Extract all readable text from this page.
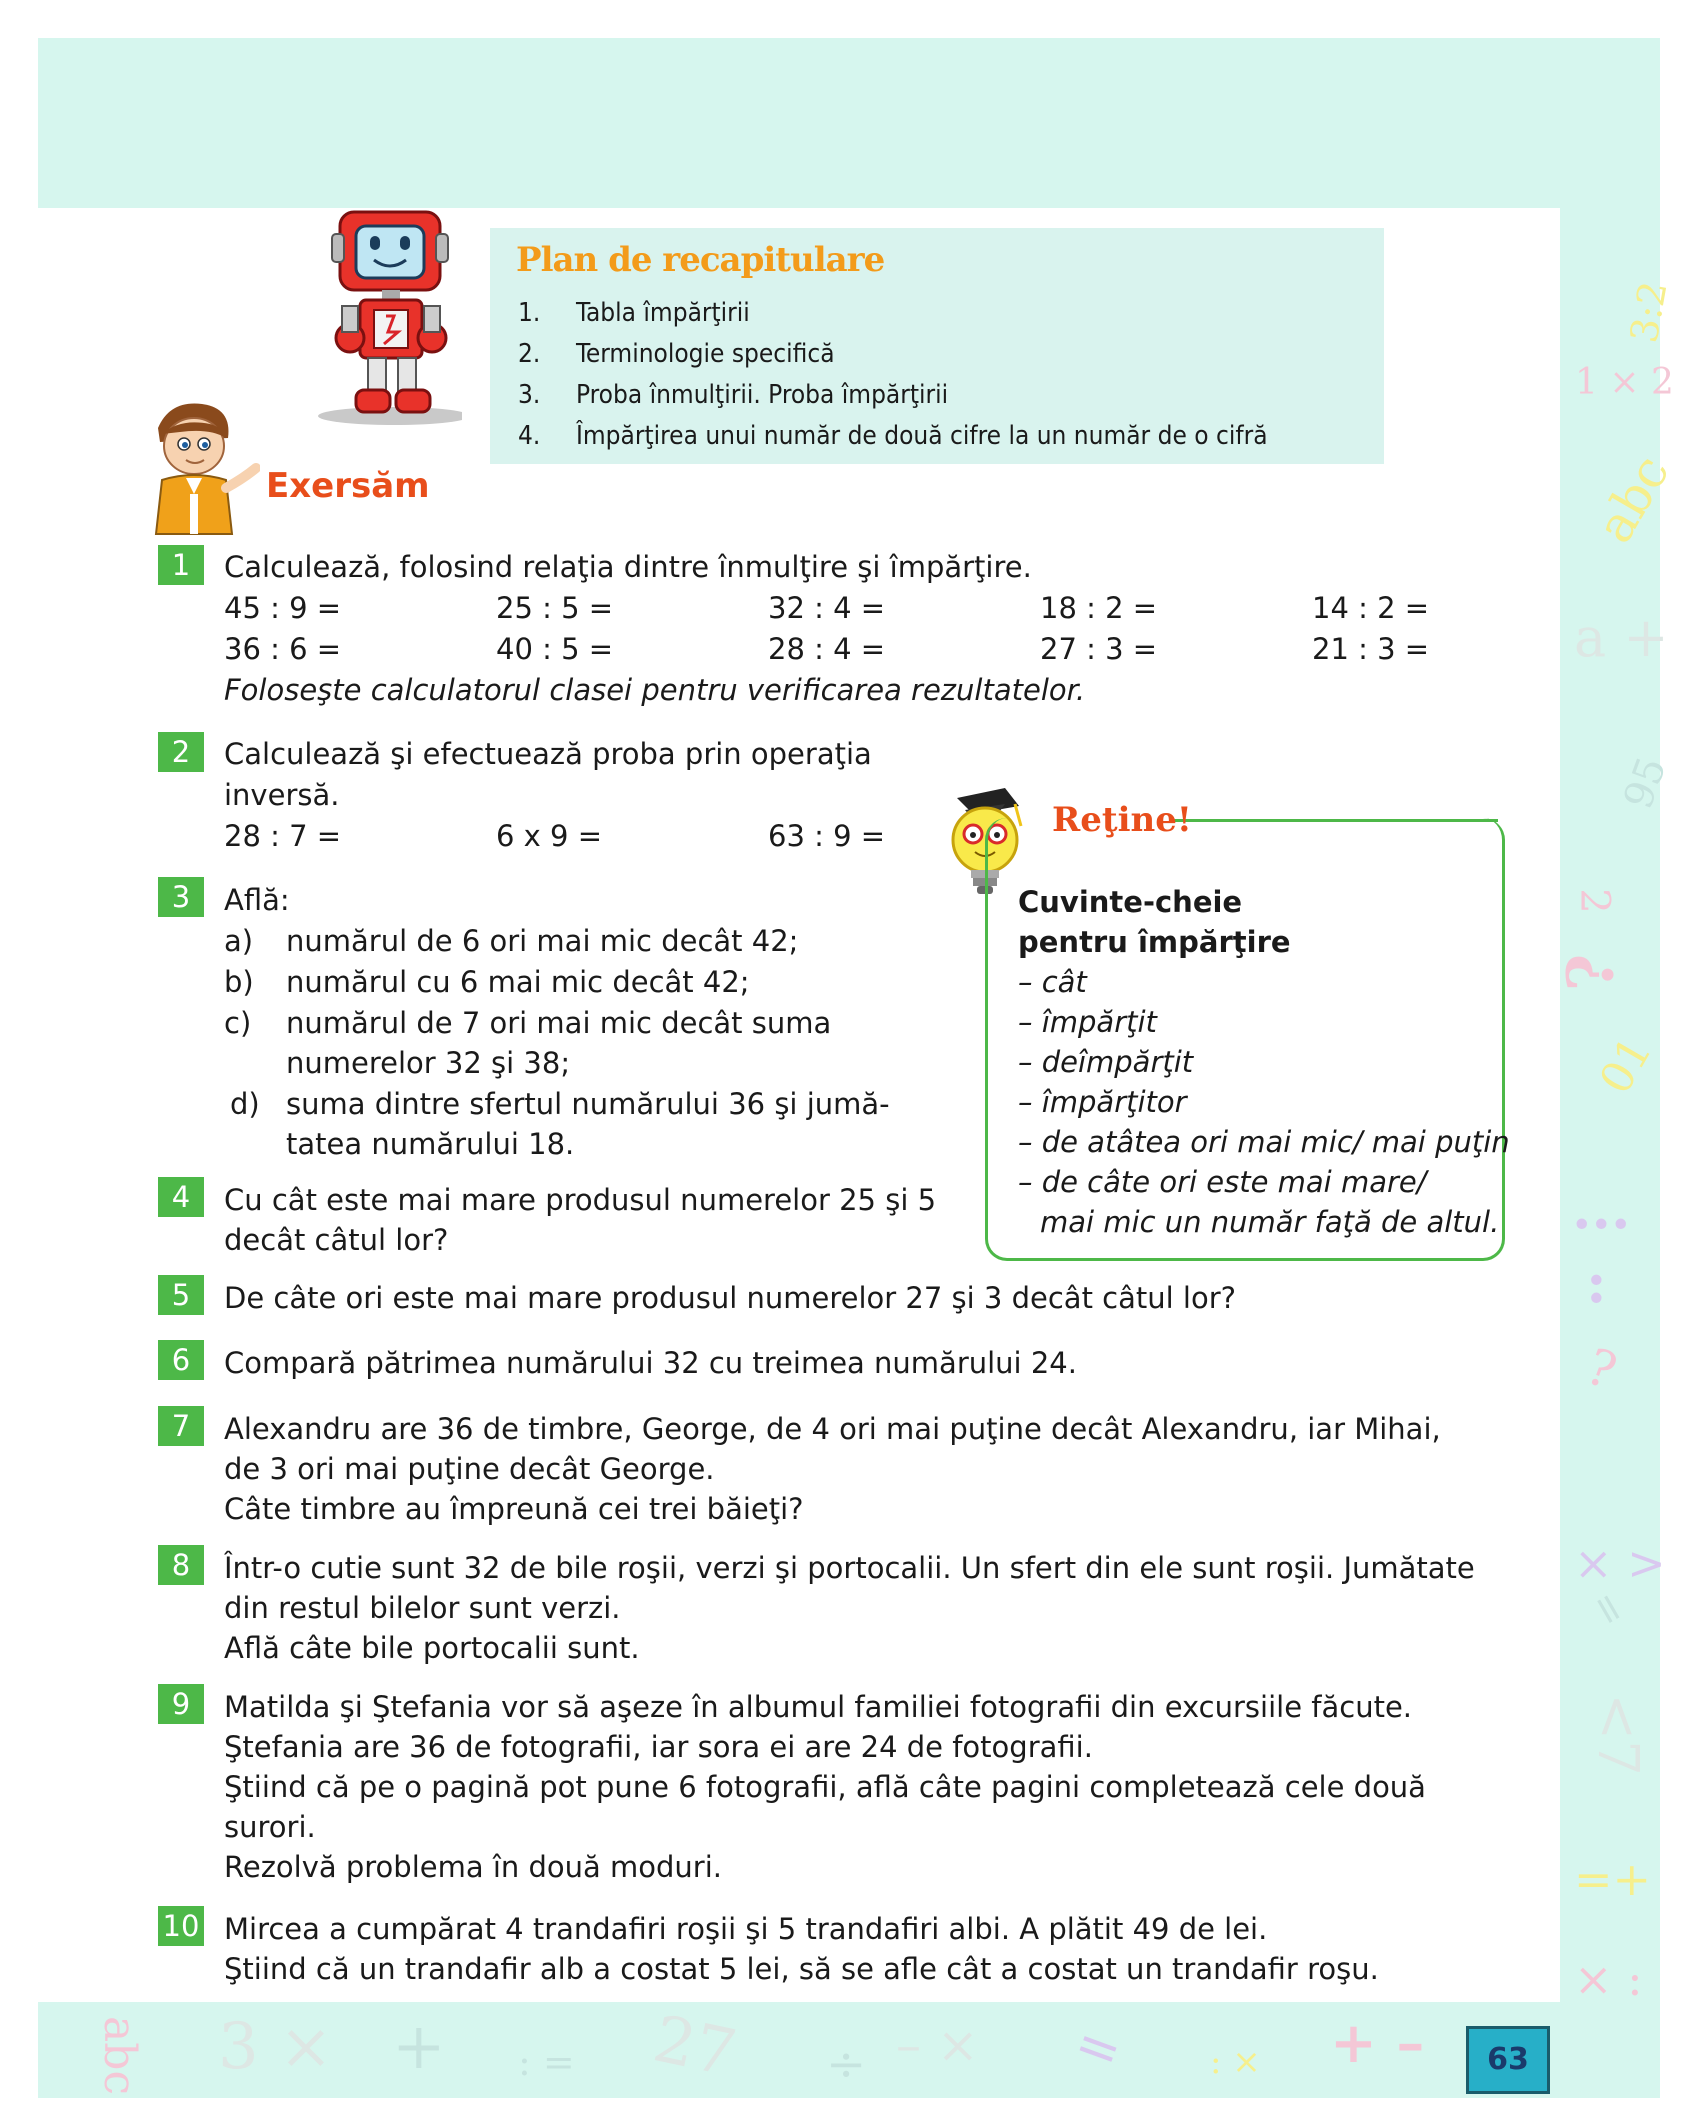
1 × 2
3:2
abc
a +
95
2
?
01
...
:
?
× >
=
<7
=+
× :
abc 3 × + : = 27 ÷ – × = : × + –
Plan de recapitulare
1. Tabla împărţirii
2. Terminologie specifică
3. Proba înmulţirii. Proba împărţirii
4. Împărţirea unui număr de două cifre la un număr de o cifră
Exersăm
1	Calculează, folosind relaţia dintre înmulţire şi împărţire.
45 : 9 =	25 : 5 =	32 : 4 =	18 : 2 =	14 : 2 =
36 : 6 =	40 : 5 =	28 : 4 =	27 : 3 =	21 : 3 =
Foloseşte calculatorul clasei pentru verificarea rezultatelor.
2	Calculează şi efectuează proba prin operaţia
inversă.
28 : 7 =	6 x 9 =	63 : 9 =
3	Află:
a) numărul de 6 ori mai mic decât 42;
b) numărul cu 6 mai mic decât 42;
c) numărul de 7 ori mai mic decât suma
numerelor 32 şi 38;
d) suma dintre sfertul numărului 36 şi jumă-
tatea numărului 18.
4	Cu cât este mai mare produsul numerelor 25 şi 5
decât câtul lor?
5	De câte ori este mai mare produsul numerelor 27 şi 3 decât câtul lor?
6	Compară pătrimea numărului 32 cu treimea numărului 24.
7	Alexandru are 36 de timbre, George, de 4 ori mai puţine decât Alexandru, iar Mihai,
de 3 ori mai puţine decât George.
Câte timbre au împreună cei trei băieţi?
8	Într-o cutie sunt 32 de bile roşii, verzi şi portocalii. Un sfert din ele sunt roşii. Jumătate
din restul bilelor sunt verzi.
Află câte bile portocalii sunt.
9	Matilda şi Ştefania vor să aşeze în albumul familiei fotografii din excursiile făcute.
Ştefania are 36 de fotografii, iar sora ei are 24 de fotografii.
Ştiind că pe o pagină pot pune 6 fotografii, află câte pagini completează cele două
surori.
Rezolvă problema în două moduri.
10 Mircea a cumpărat 4 trandafiri roşii şi 5 trandafiri albi. A plătit 49 de lei.
Ştiind că un trandafir alb a costat 5 lei, să se afle cât a costat un trandafir roşu.
Reţine!
Cuvinte-cheie
pentru împărţire
– cât
– împărţit
– deîmpărţit
– împărţitor
– de atâtea ori mai mic/ mai puţin
– de câte ori este mai mare/
mai mic un număr faţă de altul.
63
